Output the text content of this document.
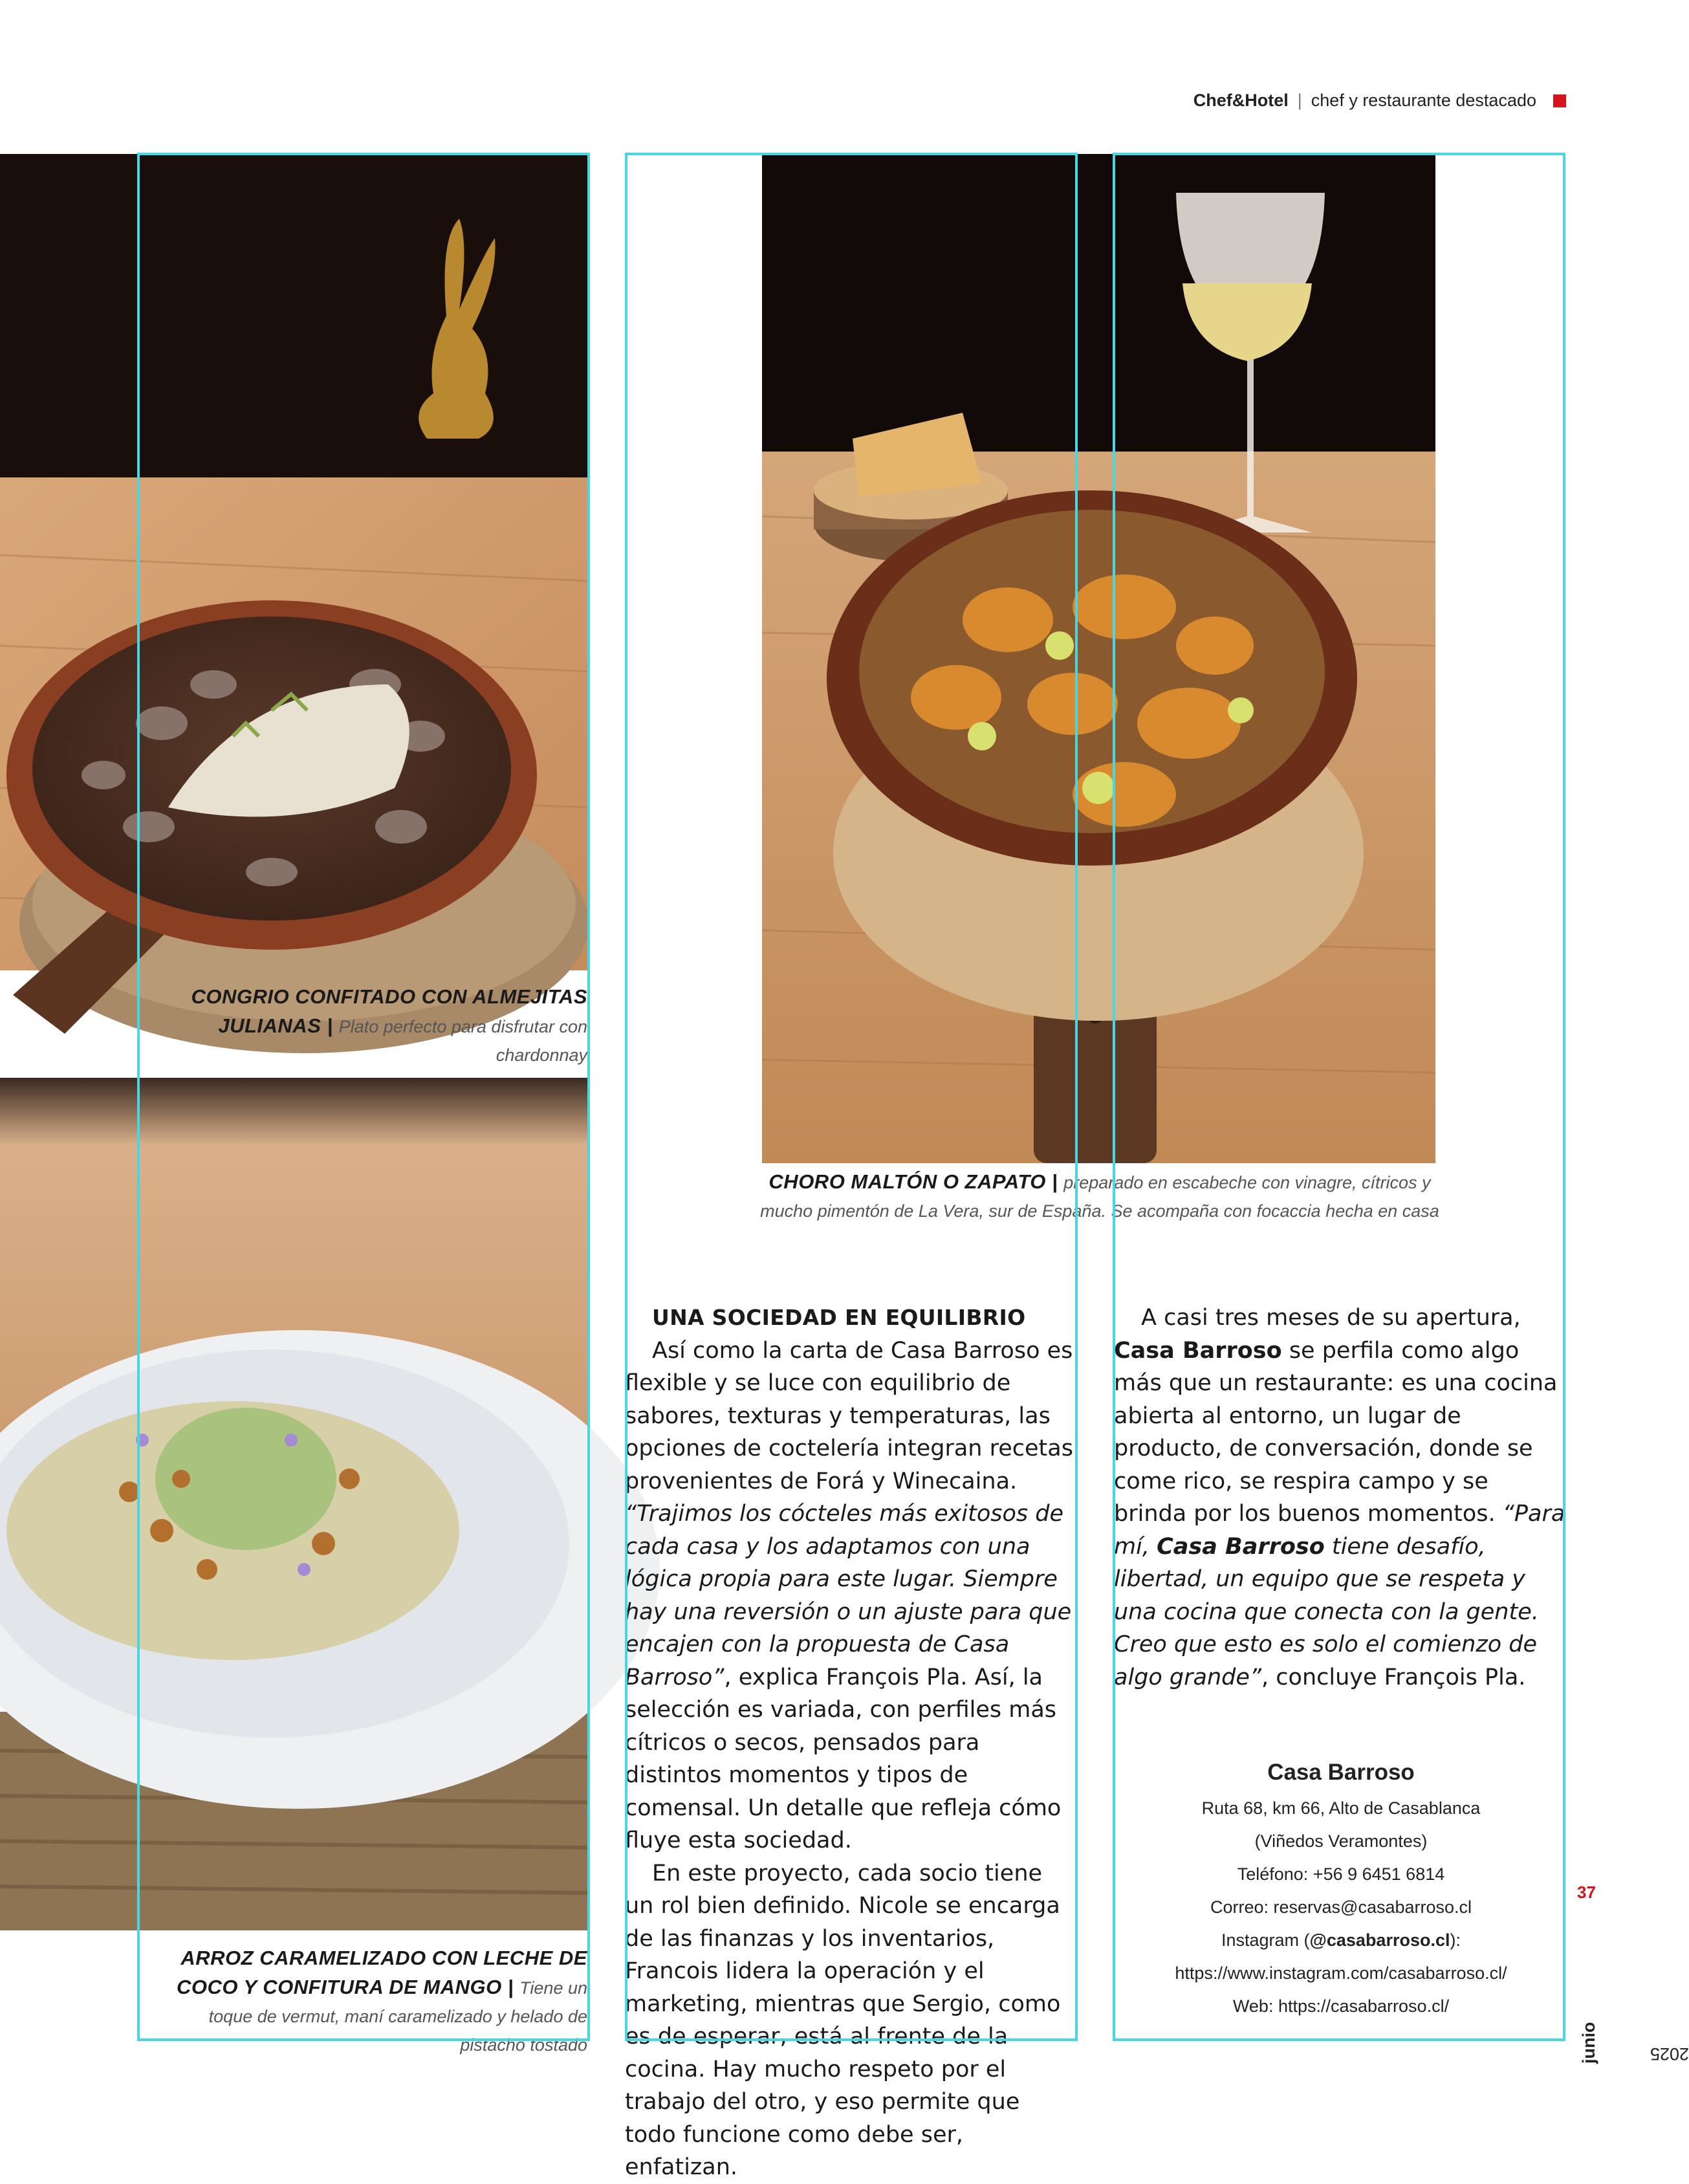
Chef&Hotel | chef y restaurante destacado
CONGRIO CONFITADO CON ALMEJITAS JULIANAS | Plato perfecto para disfrutar con chardonnay
CHORO MALTÓN O ZAPATO | preparado en escabeche con vinagre, cítricos y mucho pimentón de La Vera, sur de España. Se acompaña con focaccia hecha en casa
ARROZ CARAMELIZADO CON LECHE DE COCO Y CONFITURA DE MANGO | Tiene un toque de vermut, maní caramelizado y helado de pistacho tostado

UNA SOCIEDAD EN EQUILIBRIO

Así como la carta de Casa Barroso es flexible y se luce con equilibrio de sabores, texturas y temperaturas, las opciones de coctelería integran recetas provenientes de Forá y Winecaina. “Trajimos los cócteles más exitosos de cada casa y los adaptamos con una lógica propia para este lugar. Siempre hay una reversión o un ajuste para que encajen con la propuesta de Casa Barroso”, explica François Pla. Así, la selección es variada, con perfiles más cítricos o secos, pensados para distintos momentos y tipos de comensal. Un detalle que refleja cómo fluye esta sociedad.

En este proyecto, cada socio tiene un rol bien definido. Nicole se encarga de las finanzas y los inventarios, Francois lidera la operación y el marketing, mientras que Sergio, como es de esperar, está al frente de la cocina. Hay mucho respeto por el trabajo del otro, y eso permite que todo funcione como debe ser, enfatizan.

A casi tres meses de su apertura, Casa Barroso se perfila como algo más que un restaurante: es una cocina abierta al entorno, un lugar de producto, de conversación, donde se come rico, se respira campo y se brinda por los buenos momentos. “Para mí, Casa Barroso tiene desafío, libertad, un equipo que se respeta y una cocina que conecta con la gente. Creo que esto es solo el comienzo de algo grande”, concluye François Pla.

Casa Barroso
Ruta 68, km 66, Alto de Casablanca
(Viñedos Veramontes)
Teléfono: +56 9 6451 6814
Correo: reservas@casabarroso.cl
Instagram (@casabarroso.cl):
https://www.instagram.com/casabarroso.cl/
Web: https://casabarroso.cl/
37
junio	2025
